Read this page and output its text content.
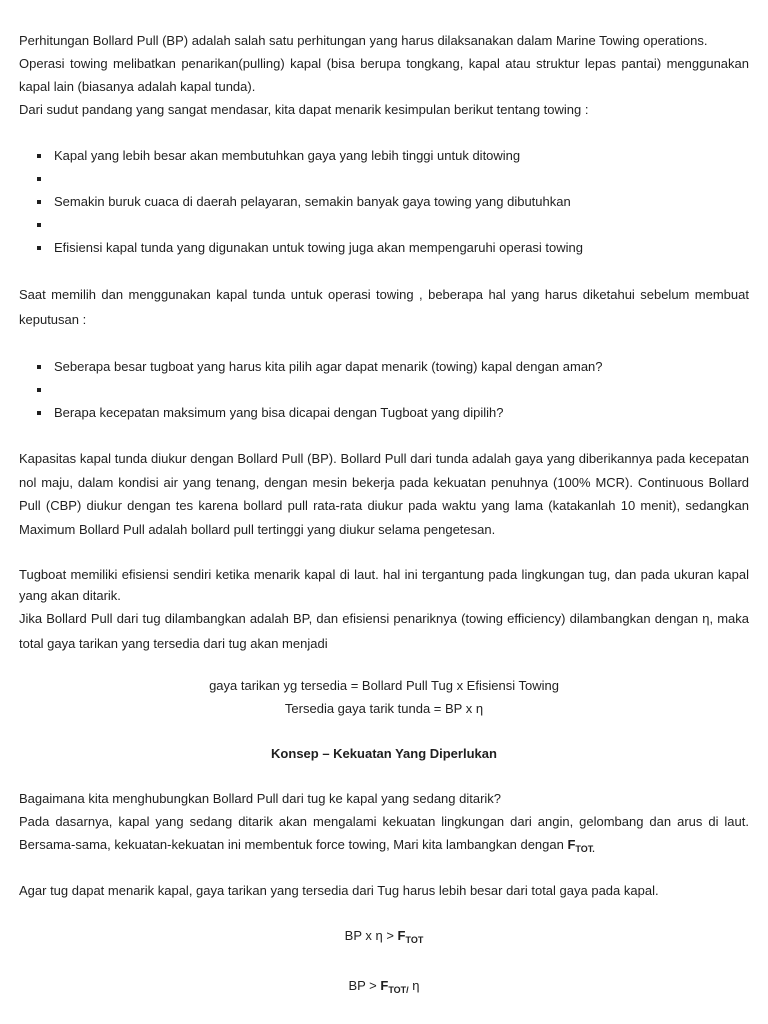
Perhitungan Bollard Pull (BP) adalah salah satu perhitungan yang harus dilaksanakan dalam Marine Towing operations.

Operasi towing melibatkan penarikan(pulling) kapal (bisa berupa tongkang, kapal atau struktur lepas pantai) menggunakan kapal lain (biasanya adalah kapal tunda).

Dari sudut pandang yang sangat mendasar, kita dapat menarik kesimpulan berikut tentang towing :

Kapal yang lebih besar akan membutuhkan gaya yang lebih tinggi untuk ditowing
Semakin buruk cuaca di daerah pelayaran, semakin banyak gaya towing yang dibutuhkan
Efisiensi kapal tunda yang digunakan untuk towing juga akan mempengaruhi operasi towing

Saat memilih dan menggunakan kapal tunda untuk operasi towing , beberapa hal yang harus diketahui sebelum membuat keputusan :

Seberapa besar tugboat yang harus kita pilih agar dapat menarik (towing) kapal dengan aman?
Berapa kecepatan maksimum yang bisa dicapai dengan Tugboat yang dipilih?

Kapasitas kapal tunda diukur dengan Bollard Pull (BP). Bollard Pull dari tunda adalah gaya yang diberikannya pada kecepatan nol maju, dalam kondisi air yang tenang, dengan mesin bekerja pada kekuatan penuhnya (100% MCR). Continuous Bollard Pull (CBP) diukur dengan tes karena bollard pull rata-rata diukur pada waktu yang lama (katakanlah 10 menit), sedangkan Maximum Bollard Pull adalah bollard pull tertinggi yang diukur selama pengetesan.

Tugboat memiliki efisiensi sendiri ketika menarik kapal di laut. hal ini tergantung pada lingkungan tug, dan pada ukuran kapal yang akan ditarik.

Jika Bollard Pull dari tug dilambangkan adalah BP, dan efisiensi penariknya (towing efficiency) dilambangkan dengan η, maka total gaya tarikan yang tersedia dari tug akan menjadi

gaya tarikan yg tersedia = Bollard Pull Tug x Efisiensi Towing

Tersedia gaya tarik tunda = BP x η

Konsep – Kekuatan Yang Diperlukan

Bagaimana kita menghubungkan Bollard Pull dari tug ke kapal yang sedang ditarik?

Pada dasarnya, kapal yang sedang ditarik akan mengalami kekuatan lingkungan dari angin, gelombang dan arus di laut. Bersama-sama, kekuatan-kekuatan ini membentuk force towing, Mari kita lambangkan dengan $F_{TOT.}$

Agar tug dapat menarik kapal, gaya tarikan yang tersedia dari Tug harus lebih besar dari total gaya pada kapal.

BP x $\eta > F_{TOT}$

BP > $F_{TOT/}$ η
